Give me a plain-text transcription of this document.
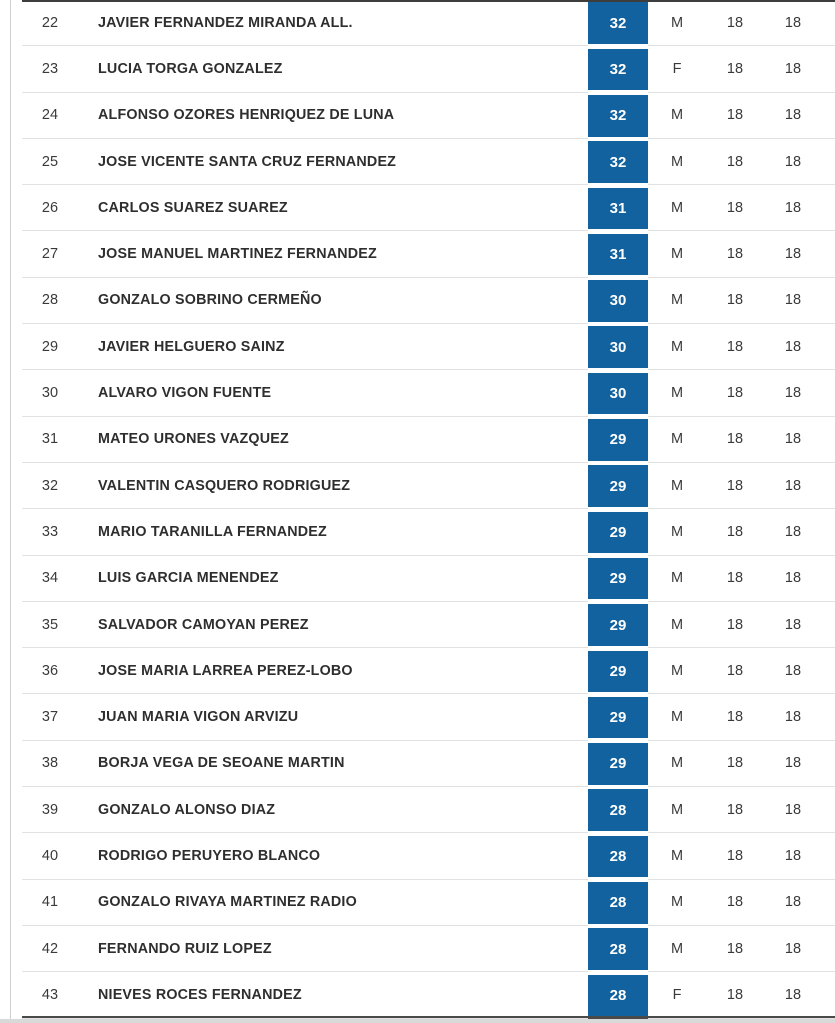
22	JAVIER FERNANDEZ MIRANDA ALL.	32	M	18	18
23	LUCIA TORGA GONZALEZ	32	F	18	18
24	ALFONSO OZORES HENRIQUEZ DE LUNA	32	M	18	18
25	JOSE VICENTE SANTA CRUZ FERNANDEZ	32	M	18	18
26	CARLOS SUAREZ SUAREZ	31	M	18	18
27	JOSE MANUEL MARTINEZ FERNANDEZ	31	M	18	18
28	GONZALO SOBRINO CERMEÑO	30	M	18	18
29	JAVIER HELGUERO SAINZ	30	M	18	18
30	ALVARO VIGON FUENTE	30	M	18	18
31	MATEO URONES VAZQUEZ	29	M	18	18
32	VALENTIN CASQUERO RODRIGUEZ	29	M	18	18
33	MARIO TARANILLA FERNANDEZ	29	M	18	18
34	LUIS GARCIA MENENDEZ	29	M	18	18
35	SALVADOR CAMOYAN PEREZ	29	M	18	18
36	JOSE MARIA LARREA PEREZ-LOBO	29	M	18	18
37	JUAN MARIA VIGON ARVIZU	29	M	18	18
38	BORJA VEGA DE SEOANE MARTIN	29	M	18	18
39	GONZALO ALONSO DIAZ	28	M	18	18
40	RODRIGO PERUYERO BLANCO	28	M	18	18
41	GONZALO RIVAYA MARTINEZ RADIO	28	M	18	18
42	FERNANDO RUIZ LOPEZ	28	M	18	18
43	NIEVES ROCES FERNANDEZ	28	F	18	18
